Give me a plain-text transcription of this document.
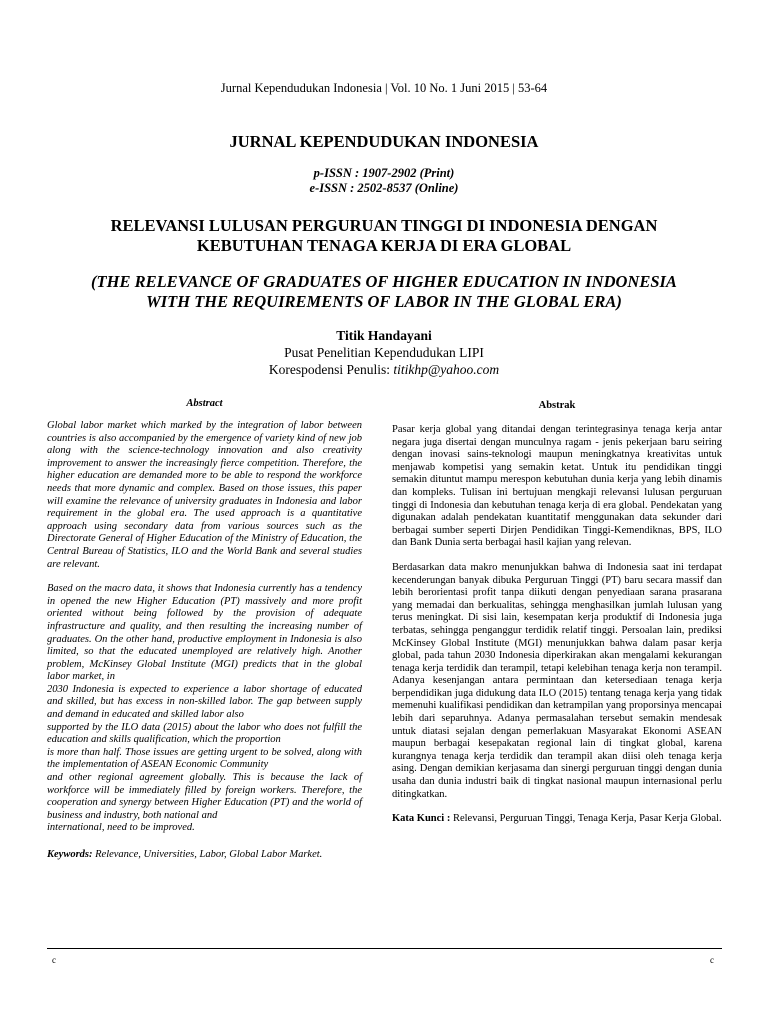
Jurnal Kependudukan Indonesia | Vol. 10 No. 1 Juni 2015 | 53-64
JURNAL KEPENDUDUKAN INDONESIA
p-ISSN : 1907-2902 (Print)
e-ISSN : 2502-8537 (Online)
RELEVANSI LULUSAN PERGURUAN TINGGI DI INDONESIA DENGAN
KEBUTUHAN TENAGA KERJA DI ERA GLOBAL
(THE RELEVANCE OF GRADUATES OF HIGHER EDUCATION IN INDONESIA
WITH THE REQUIREMENTS OF LABOR IN THE GLOBAL ERA)
Titik Handayani
Pusat Penelitian Kependudukan LIPI
Korespodensi Penulis: titikhp@yahoo.com
Abstract

Global labor market which marked by the integration of labor between countries is also accompanied by the emergence of variety kind of new job along with the science-technology innovation and also creativity improvement to answer the increasingly fierce competition. Therefore, the higher education are demanded more to be able to respond the workforce needs that more dynamic and complex. Based on those issues, this paper will examine the relevance of university graduates in Indonesia and labor requirement in the global era. The used approach is a quantitative approach using secondary data from various sources such as the Directorate General of Higher Education of the Ministry of Education, the Central Bureau of Statistics, ILO and the World Bank and several studies are relevant.

Based on the macro data, it shows that Indonesia currently has a tendency in opened the new Higher Education (PT) massively and more profit oriented without being followed by the provision of adequate infrastructure and quality, and then resulting the increasing number of graduates. On the other hand, productive employment in Indonesia is also limited, so that the educated unemployed are relatively high. Another problem, McKinsey Global Institute (MGI) predicts that in the global labor market, in

2030 Indonesia is expected to experience a labor shortage of educated and skilled, but has excess in non-skilled labor. The gap between supply and demand in educated and skilled labor also

supported by the ILO data (2015) about the labor who does not fulfill the education and skills qualification, which the proportion

is more than half. Those issues are getting urgent to be solved, along with the implementation of ASEAN Economic Community

and other regional agreement globally. This is because the lack of workforce will be immediately filled by foreign workers. Therefore, the cooperation and synergy between Higher Education (PT) and the world of business and industry, both national and

international, need to be improved.

Keywords: Relevance, Universities, Labor, Global Labor Market.

Abstrak

Pasar kerja global yang ditandai dengan terintegrasinya tenaga kerja antar negara juga disertai dengan munculnya ragam - jenis pekerjaan baru seiring dengan inovasi sains-teknologi maupun meningkatnya kreativitas untuk menjawab kompetisi yang semakin ketat. Untuk itu pendidikan tinggi semakin dituntut mampu merespon kebutuhan dunia kerja yang lebih dinamis dan kompleks. Tulisan ini bertujuan mengkaji relevansi lulusan perguruan tinggi di Indonesia dan kebutuhan tenaga kerja di era global. Pendekatan yang digunakan adalah pendekatan kuantitatif menggunakan data sekunder dari berbagai sumber seperti Dirjen Pendidikan Tinggi-Kemendiknas, BPS, ILO dan Bank Dunia serta berbagai hasil kajian yang relevan.

Berdasarkan data makro menunjukkan bahwa di Indonesia saat ini terdapat kecenderungan banyak dibuka Perguruan Tinggi (PT) baru secara massif dan lebih berorientasi profit tanpa diikuti dengan penyediaan sarana prasarana yang memadai dan berkualitas, sehingga menghasilkan jumlah lulusan yang terus meningkat. Di sisi lain, kesempatan kerja produktif di Indonesia juga terbatas, sehingga penganggur terdidik relatif tinggi. Persoalan lain, prediksi McKinsey Global Institute (MGI) menunjukkan bahwa dalam pasar kerja global, pada tahun 2030 Indonesia diperkirakan akan mengalami kekurangan tenaga kerja terdidik dan terampil, tetapi kelebihan tenaga kerja non terampil. Adanya kesenjangan antara permintaan dan ketersediaan tenaga kerja berpendidikan juga didukung data ILO (2015) tentang tenaga kerja yang tidak memenuhi kualifikasi pendidikan dan ketrampilan yang proporsinya mencapai lebih dari separuhnya. Adanya permasalahan tersebut semakin mendesak untuk diatasi sejalan dengan pemerlakuan Masyarakat Ekonomi ASEAN maupun berbagai kesepakatan regional lain di tingkat global, karena kurangnya tenaga kerja terdidik dan terampil akan diisi oleh tenaga kerja asing. Dengan demikian kerjasama dan sinergi perguruan tinggi dengan dunia usaha dan dunia industri baik di tingkat nasional maupun internasional perlu ditingkatkan.

Kata Kunci : Relevansi, Perguruan Tinggi, Tenaga Kerja, Pasar Kerja Global.

c	c
